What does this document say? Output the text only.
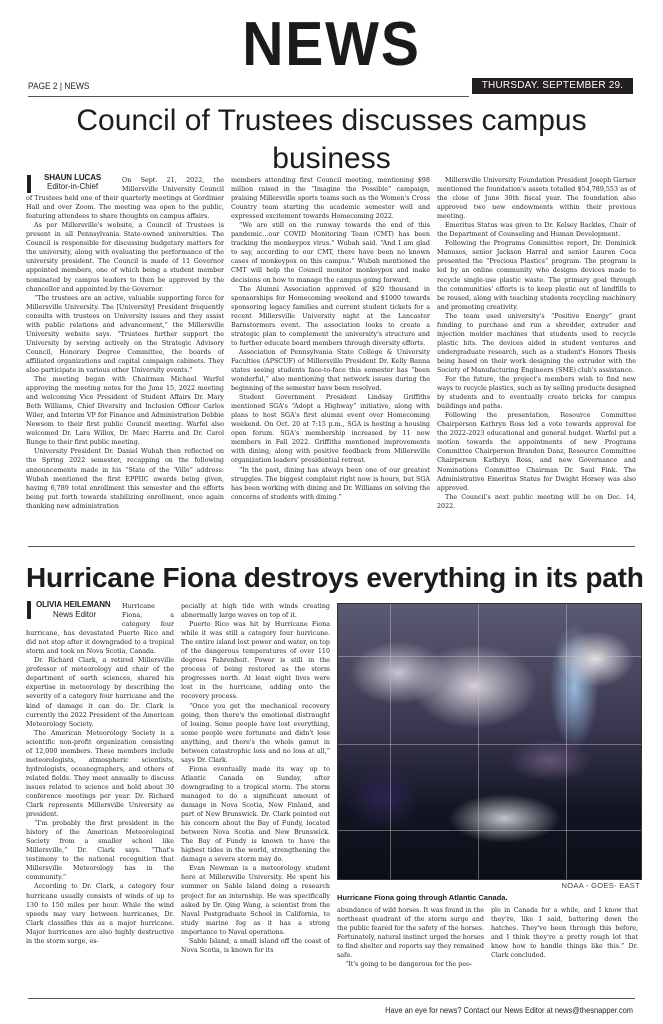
NEWS
PAGE 2 | NEWS	THURSDAY. SEPTEMBER 29. 2022.
Council of Trustees discusses campus business
SHAUN LUCAS
Editor-in-Chief

On Sept. 21, 2022, the Millersville University Council of Trustees held one of their quarterly meetings at Gordinier Hall and over Zoom. The meeting was open to the public, featuring attendees to share thoughts on campus affairs.

As per Millersville's website, a Council of Trustees is present in all Pennsylvania State-owned universities. The Council is responsible for discussing budgetary matters for the university, along with evaluating the performance of the university president. The Council is made of 11 Governor appointed members, one of which being a student member nominated by campus leaders to then be approved by the chancellor and appointed by the Governor.

“The trustees are an active, valuable supporting force for Millersville University. The [University] President frequently consults with trustees on University issues and they assist with public relations and advancement,” the Millersville University website says. “Trustees further support the University by serving actively on the Strategic Advisory Council, Honorary Degree Committee, the boards of affiliated organizations and capital campaign cabinets. They also participate in various other University events.”

The meeting began with Chairman Michael Warfel approving the meeting notes for the June 15, 2022 meeting and welcoming Vice President of Student Affairs Dr. Mary Beth Williams, Chief Diversity and Inclusion Officer Carlos Wiler, and Interim VP for Finance and Administration Debbie Newsom to their first public Council meeting. Warfel also welcomed Dr. Lara Willox, Dr. Marc Harris and Dr. Carol Runge to their first public meeting.

University President Dr. Daniel Wubah then reflected on the Spring 2022 semester, recapping on the following announcements made in his “State of the ‘Ville” address: Wubah mentioned the first EPPIIC awards being given, having 6,789 total enrollment this semester and the efforts being put forth towards stabilizing enrollment, once again thanking new administration

members attending first Council meeting, mentioning $98 million raised in the “Imagine the Possible” campaign, praising Millersville sports teams such as the Women's Cross Country team starting the academic semester well and expressed excitement towards Homecoming 2022.

“We are still on the runway towards the end of this pandemic...our COVID Monitoring Team (CMT) has been tracking the monkeypox virus.” Wubah said. “And I am glad to say, according to our CMT, there have been no known cases of monkeypox on this campus.” Wubah mentioned the CMT will help the Council monitor monkeypox and make decisions on how to manage the campus going forward.

The Alumni Association approved of $20 thousand in sponsorships for Homecoming weekend and $1000 towards sponsoring legacy families and current student tickets for a recent Millersville University night at the Lancaster Barnstormers event. The association looks to create a strategic plan to complement the university's structure and to further educate board members through diversity efforts.

Association of Pennsylvania State College & University Faculties (APSCUF) of Millersville President Dr. Kelly Banna states seeing students face-to-face this semester has “been wonderful,” also mentioning that network issues during the beginning of the semester have been resolved.

Student Government President Lindsay Griffiths mentioned SGA's “Adopt a Highway” initiative, along with plans to host SGA's first alumni event over Homecoming weekend. On Oct. 20 at 7:15 p.m., SGA is hosting a housing open forum. SGA's membership increased by 11 new members in Fall 2022. Griffiths mentioned improvements with dining, along with positive feedback from Millersville organization leaders' presidential retreat.

“In the past, dining has always been one of our greatest struggles. The biggest complaint right now is hours, but SGA has been working with dining and Dr. Williams on solving the concerns of students with dining.”

Millersville University Foundation President Joseph Garner mentioned the foundation's assets totalled $54,789,553 as of the close of June 30th fiscal year. The foundation also approved two new endowments within their previous meeting.

Emeritus Status was given to Dr. Kelsey Backles, Chair of the Department of Counseling and Human Development.

Following the Programs Committee report, Dr. Dominick Manusos, senior Jackson Harral and senior Lauren Coca presented the “Precious Plastics” program. The program is led by an online community who designs devices made to recycle single-use plastic waste. The primary goal through the communities' efforts is to keep plastic out of landfills to be reused, along with teaching students recycling machinery and promoting creativity.

The team used university's “Positive Energy” grant funding to purchase and run a shredder, extruder and injection molder machines that students used to recycle plastic bits. The devices aided in student ventures and undergraduate research, such as a student's Honors Thesis being based on their work designing the extruder with the Society of Manufacturing Engineers (SME) club's assistance.

For the future, the project's members wish to find new ways to recycle plastics, such as by selling products designed by students and to eventually create bricks for campus buildings and paths.

Following the presentation, Resource Committee Chairperson Kathryn Ross led a vote towards approval for the 2022-2023 educational and general budget. Warfel put a motion towards the appointments of new Programs Committee Chairperson Brandon Danz, Resource Committee Chairperson Kathryn Ross, and new Governance and Nominations Committee Chairman Dr. Saul Fink. The Administrative Emeritus Status for Dwight Horsey was also approved.

The Council's next public meeting will be on Dec. 14, 2022.

Hurricane Fiona destroys everything in its path
OLIVIA HEILEMANN
News Editor

Hurricane Fiona, a category four hurricane, has devastated Puerto Rico and did not stop after it downgraded to a tropical storm and took on Nova Scotia, Canada.

Dr. Richard Clark, a retired Millersville professor of meteorology and chair of the department of earth sciences, shared his expertise in meteorology by describing the severity of a category four hurricane and the kind of damage it can do. Dr. Clark is currently the 2022 President of the American Meteorology Society.

The American Meteorology Society is a scientific non-profit organization consisting of 12,000 members. These members include meteorologists, atmospheric scientists, hydrologists, oceanographers, and others of related fields. They meet annually to discuss issues related to science and hold about 30 conference meetings per year. Dr. Richard Clark represents Millersville University as president.

“I'm probably the first president in the history of the American Meteorological Society from a smaller school like Millersville,” Dr. Clark says. “That's testimony to the national recognition that Millersville Meteorology has in the community.”

According to Dr. Clark, a category four hurricane usually consists of winds of up to 130 to 150 miles per hour. While the wind speeds may vary between hurricanes, Dr. Clark classifies this as a major hurricane. Major hurricanes are also highly destructive in the storm surge, es-

pecially at high tide with winds creating abnormally large waves on top of it.

Puerto Rico was hit by Hurricane Fiona while it was still a category four hurricane. The entire island lost power and water, on top of the dangerous temperatures of over 110 degrees Fahrenheit. Power is still in the process of being restored as the storm progresses north. At least eight lives were lost in the hurricane, adding onto the recovery process.

“Once you get the mechanical recovery going, then there's the emotional distraught of losing. Some people have lost everything, some people were fortunate and didn't lose anything, and there's the whole gamut in between catastrophic loss and no loss at all,” says Dr. Clark.

Fiona eventually made its way up to Atlantic Canada on Sunday, after downgrading to a tropical storm. The storm managed to do a significant amount of damage in Nova Scotia, New Finland, and part of New Brunswick. Dr. Clark pointed out his concern about the Bay of Fundy, located between Nova Scotia and New Brunswick. The Bay of Fundy is known to have the highest tides in the world, strengthening the damage a severe storm may do.

Evan Newman is a meteorology student here at Millersville University. He spent his summer on Sable Island doing a research project for an internship. He was specifically asked by Dr. Qing Wang, a scientist from the Naval Postgraduate School in California, to study marine fog as it has a strong importance to Naval operations.

Sable Island, a small island off the coast of Nova Scotia, is known for its

NOAA - GOES- EAST
Hurricane Fiona going through Atlantic Canada.

abundance of wild horses. It was found in the northeast quadrant of the storm surge and the public feared for the safety of the horses. Fortunately, natural instinct urged the horses to find shelter and reports say they remained safe.

“It's going to be dangerous for the peo-

ple in Canada for a while, and I know that they're, like I said, battering down the hatches. They've been through this before, and I think they're a pretty rough lot that know how to handle things like this.” Dr. Clark concluded.

Have an eye for news? Contact our News Editor at news@thesnapper.com
